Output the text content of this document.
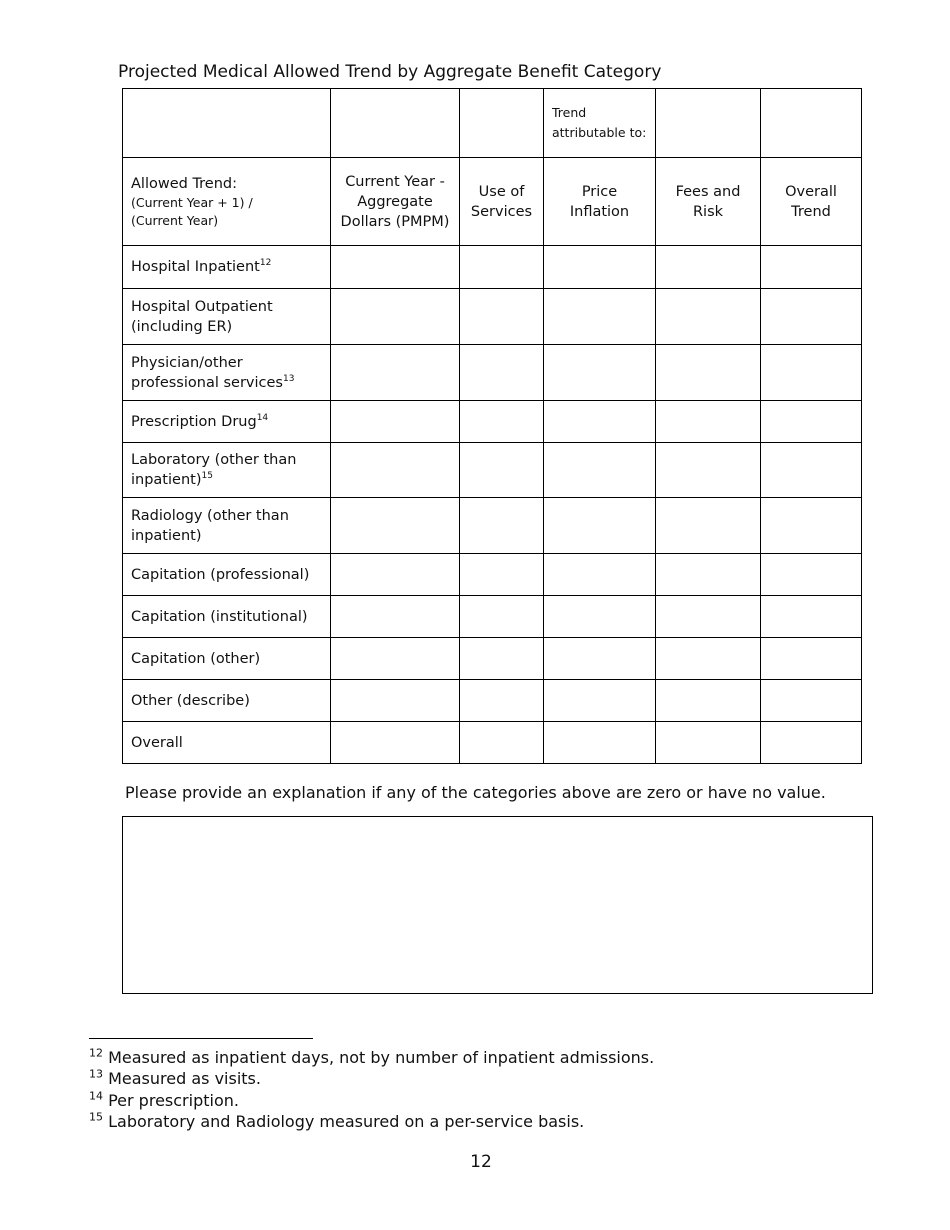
Projected Medical Allowed Trend by Aggregate Benefit Category
			Trend attributable to:		

Allowed Trend:
(Current Year + 1) /
(Current Year)	Current Year - Aggregate Dollars (PMPM)	Use of Services	Price Inflation	Fees and Risk	Overall Trend
Hospital Inpatient$^{12}$					
Hospital Outpatient (including ER)					
Physician/other professional services$^{13}$					
Prescription Drug$^{14}$					
Laboratory (other than inpatient)$^{15}$					
Radiology (other than inpatient)					
Capitation (professional)					
Capitation (institutional)					
Capitation (other)					
Other (describe)					
Overall					
Please provide an explanation if any of the categories above are zero or have no value.
$^{12}$ Measured as inpatient days, not by number of inpatient admissions.
$^{13}$ Measured as visits.
$^{14}$ Per prescription.
$^{15}$ Laboratory and Radiology measured on a per-service basis.
12
